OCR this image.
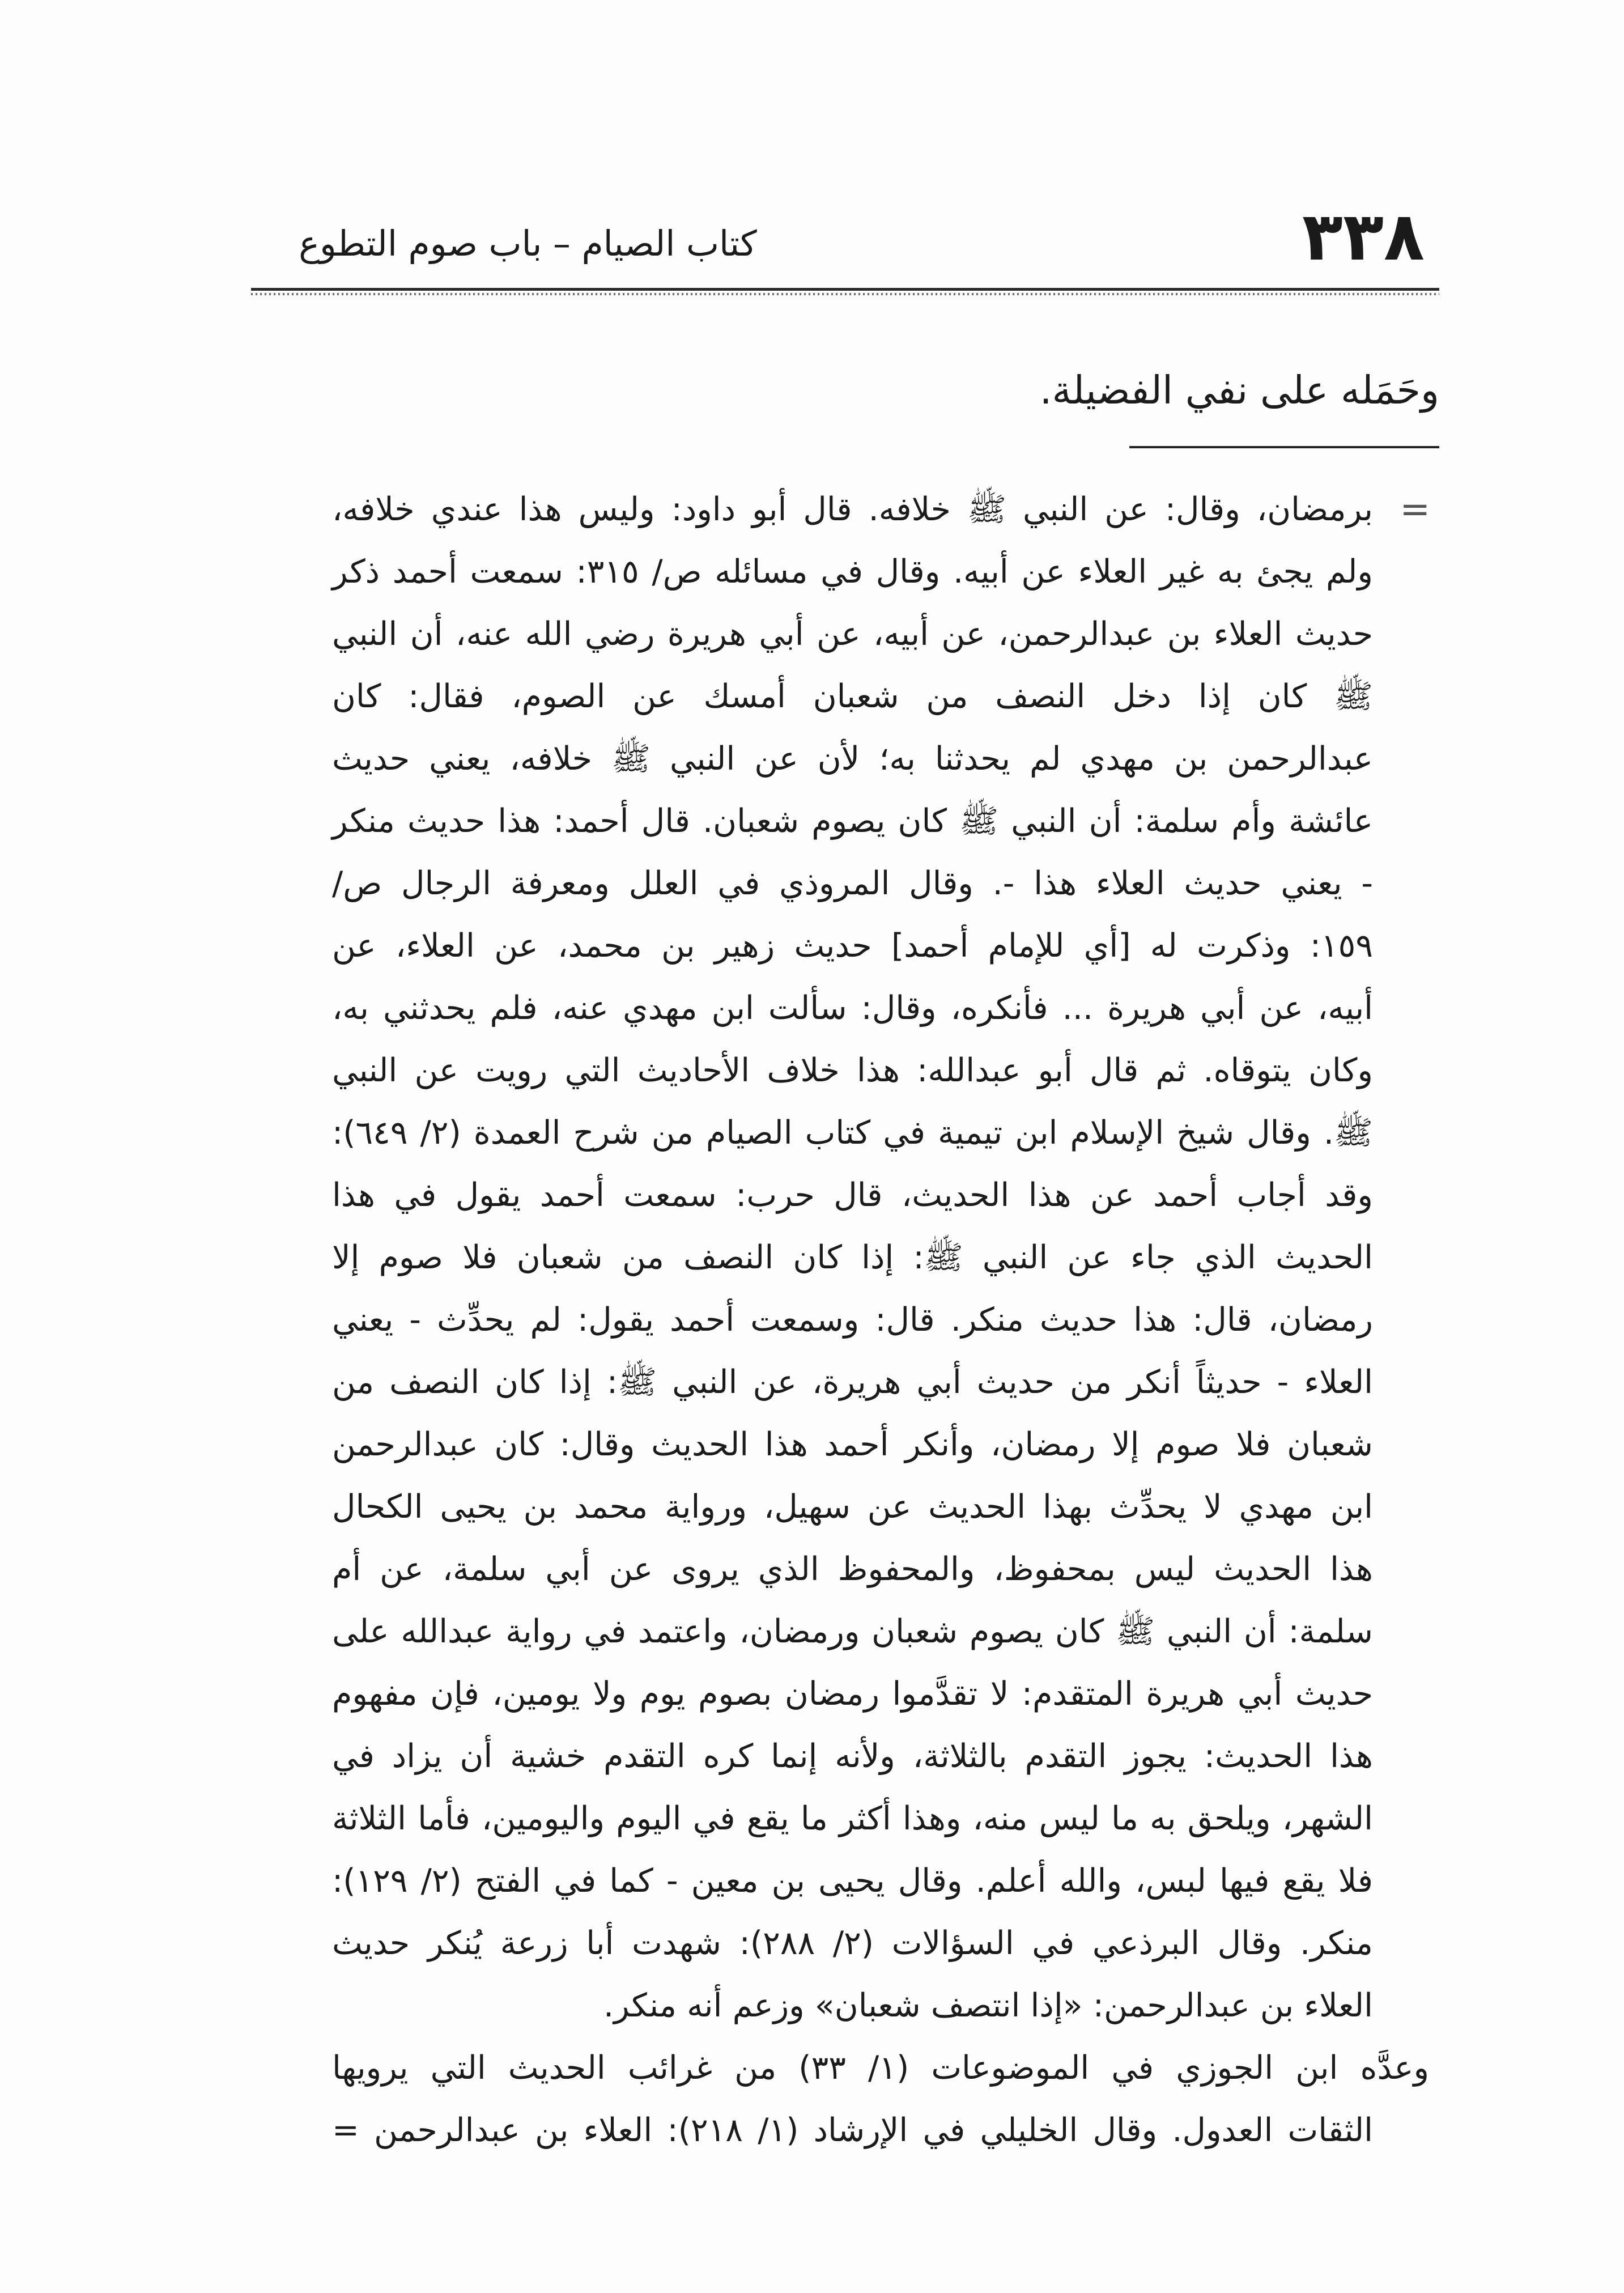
٣٣٨
كتاب الصيام – باب صوم التطوع
وحَمَله على نفي الفضيلة.
=
برمضان، وقال: عن النبي ﷺ خلافه. قال أبو داود: وليس هذا عندي خلافه،
ولم يجئ به غير العلاء عن أبيه. وقال في مسائله ص/ ٣١٥: سمعت أحمد ذكر
حديث العلاء بن عبدالرحمن، عن أبيه، عن أبي هريرة رضي الله عنه، أن النبي
ﷺ كان إذا دخل النصف من شعبان أمسك عن الصوم، فقال: كان
عبدالرحمن بن مهدي لم يحدثنا به؛ لأن عن النبي ﷺ خلافه، يعني حديث
عائشة وأم سلمة: أن النبي ﷺ كان يصوم شعبان. قال أحمد: هذا حديث منكر
- يعني حديث العلاء هذا -. وقال المروذي في العلل ومعرفة الرجال ص/
١٥٩: وذكرت له [أي للإمام أحمد] حديث زهير بن محمد، عن العلاء، عن
أبيه، عن أبي هريرة ... فأنكره، وقال: سألت ابن مهدي عنه، فلم يحدثني به،
وكان يتوقاه. ثم قال أبو عبدالله: هذا خلاف الأحاديث التي رويت عن النبي
ﷺ. وقال شيخ الإسلام ابن تيمية في كتاب الصيام من شرح العمدة (٢/ ٦٤٩):
وقد أجاب أحمد عن هذا الحديث، قال حرب: سمعت أحمد يقول في هذا
الحديث الذي جاء عن النبي ﷺ: إذا كان النصف من شعبان فلا صوم إلا
رمضان، قال: هذا حديث منكر. قال: وسمعت أحمد يقول: لم يحدِّث - يعني
العلاء - حديثاً أنكر من حديث أبي هريرة، عن النبي ﷺ: إذا كان النصف من
شعبان فلا صوم إلا رمضان، وأنكر أحمد هذا الحديث وقال: كان عبدالرحمن
ابن مهدي لا يحدِّث بهذا الحديث عن سهيل، ورواية محمد بن يحيى الكحال
هذا الحديث ليس بمحفوظ، والمحفوظ الذي يروى عن أبي سلمة، عن أم
سلمة: أن النبي ﷺ كان يصوم شعبان ورمضان، واعتمد في رواية عبدالله على
حديث أبي هريرة المتقدم: لا تقدَّموا رمضان بصوم يوم ولا يومين، فإن مفهوم
هذا الحديث: يجوز التقدم بالثلاثة، ولأنه إنما كره التقدم خشية أن يزاد في
الشهر، ويلحق به ما ليس منه، وهذا أكثر ما يقع في اليوم واليومين، فأما الثلاثة
فلا يقع فيها لبس، والله أعلم. وقال يحيى بن معين - كما في الفتح (٢/ ١٢٩):
منكر. وقال البرذعي في السؤالات (٢/ ٢٨٨): شهدت أبا زرعة يُنكر حديث
العلاء بن عبدالرحمن: «إذا انتصف شعبان» وزعم أنه منكر.
وعدَّه ابن الجوزي في الموضوعات (١/ ٣٣) من غرائب الحديث التي يرويها
الثقات العدول. وقال الخليلي في الإرشاد (١/ ٢١٨): العلاء بن عبدالرحمن =
